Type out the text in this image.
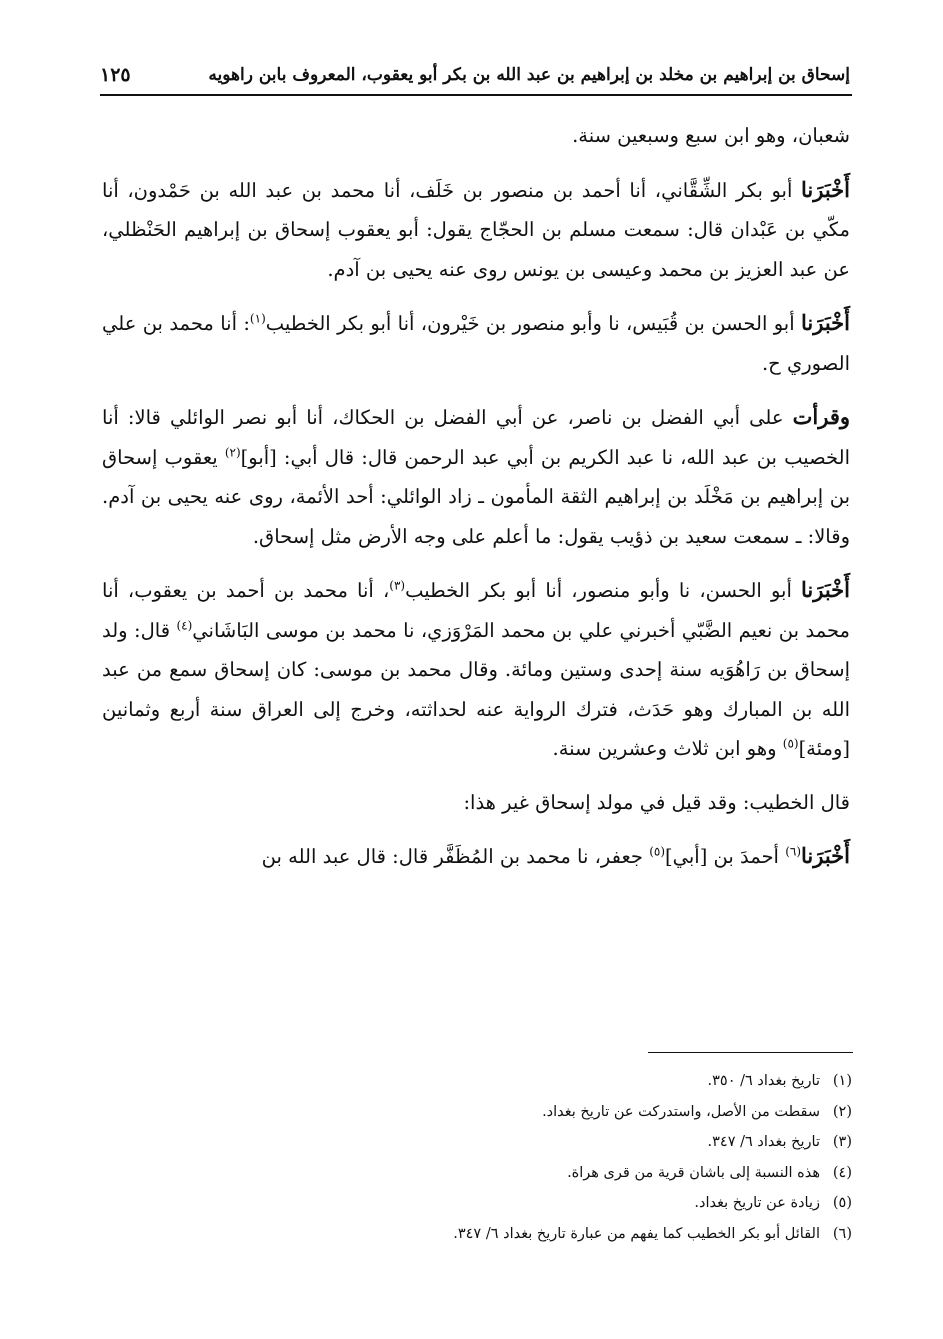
إسحاق بن إبراهيم بن مخلد بن إبراهيم بن عبد الله بن بكر أبو يعقوب، المعروف بابن راهويه
١٢٥

شعبان، وهو ابن سبع وسبعين سنة.

أَخْبَرَنا أبو بكر الشِّقَّاني، أنا أحمد بن منصور بن خَلَف، أنا محمد بن عبد الله بن حَمْدون، أنا مكّي بن عَبْدان قال: سمعت مسلم بن الحجّاج يقول: أبو يعقوب إسحاق بن إبراهيم الحَنْظلي، عن عبد العزيز بن محمد وعيسى بن يونس روى عنه يحيى بن آدم.

أَخْبَرَنا أبو الحسن بن قُبَيس، نا وأبو منصور بن خَيْرون، أنا أبو بكر الخطيب$^{(١)}$: أنا محمد بن علي الصوري ح.

وقرأت على أبي الفضل بن ناصر، عن أبي الفضل بن الحكاك، أنا أبو نصر الوائلي قالا: أنا الخصيب بن عبد الله، نا عبد الكريم بن أبي عبد الرحمن قال: قال أبي: [أبو]$^{(٢)}$ يعقوب إسحاق بن إبراهيم بن مَخْلَد بن إبراهيم الثقة المأمون ـ زاد الوائلي: أحد الأئمة، روى عنه يحيى بن آدم. وقالا: ـ سمعت سعيد بن ذؤيب يقول: ما أعلم على وجه الأرض مثل إسحاق.

أَخْبَرَنا أبو الحسن، نا وأبو منصور، أنا أبو بكر الخطيب$^{(٣)}$، أنا محمد بن أحمد بن يعقوب، أنا محمد بن نعيم الضَّبّي أخبرني علي بن محمد المَرْوَزي، نا محمد بن موسى البَاشَاني$^{(٤)}$ قال: ولد إسحاق بن رَاهُوَيه سنة إحدى وستين ومائة. وقال محمد بن موسى: كان إسحاق سمع من عبد الله بن المبارك وهو حَدَث، فترك الرواية عنه لحداثته، وخرج إلى العراق سنة أربع وثمانين [ومئة]$^{(٥)}$ وهو ابن ثلاث وعشرين سنة.

قال الخطيب: وقد قيل في مولد إسحاق غير هذا:

أَخْبَرَنا$^{(٦)}$ أحمدَ بن [أبي]$^{(٥)}$ جعفر، نا محمد بن المُظَفَّر قال: قال عبد الله بن

(١)
تاريخ بغداد ٦/ ٣٥٠.
(٢)
سقطت من الأصل، واستدركت عن تاريخ بغداد.
(٣)
تاريخ بغداد ٦/ ٣٤٧.
(٤)
هذه النسبة إلى باشان قرية من قرى هراة.
(٥)
زيادة عن تاريخ بغداد.
(٦)
القائل أبو بكر الخطيب كما يفهم من عبارة تاريخ بغداد ٦/ ٣٤٧.
